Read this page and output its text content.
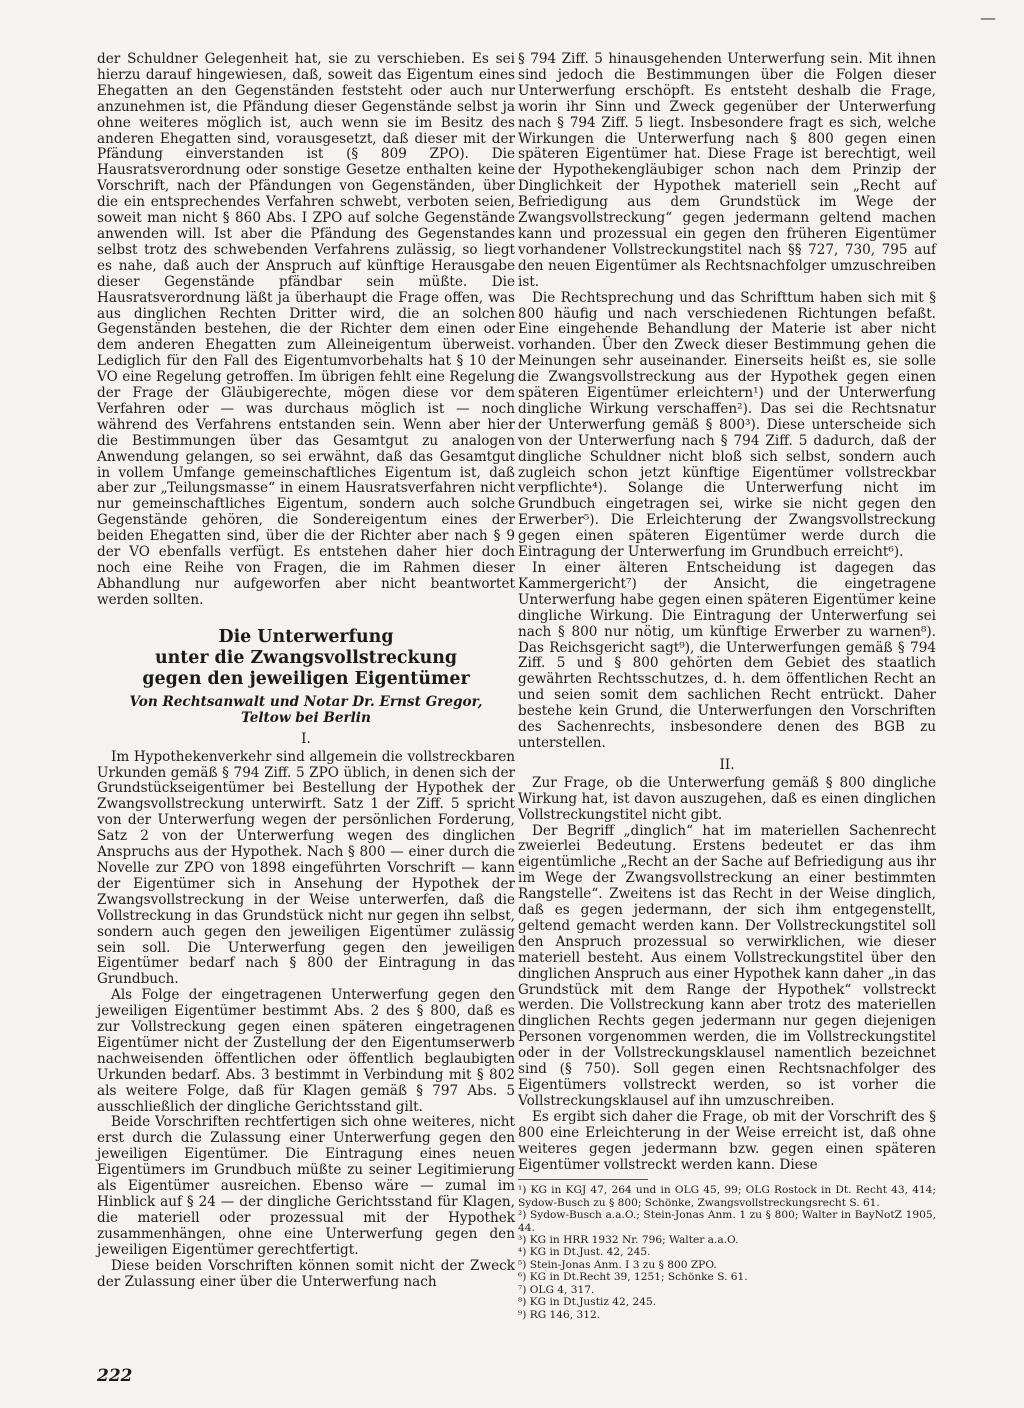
—

der Schuldner Gelegenheit hat, sie zu verschieben. Es sei hierzu darauf hingewiesen, daß, soweit das Eigentum eines Ehegatten an den Gegenständen feststeht oder auch nur anzunehmen ist, die Pfändung dieser Gegenstände selbst ja ohne weiteres möglich ist, auch wenn sie im Besitz des anderen Ehegatten sind, vorausgesetzt, daß dieser mit der Pfändung einverstanden ist (§ 809 ZPO). Die Hausratsverordnung oder sonstige Gesetze enthalten keine Vorschrift, nach der Pfändungen von Gegenständen, über die ein entsprechendes Verfahren schwebt, verboten seien, soweit man nicht § 860 Abs. I ZPO auf solche Gegenstände anwenden will. Ist aber die Pfändung des Gegenstandes selbst trotz des schwebenden Verfahrens zulässig, so liegt es nahe, daß auch der Anspruch auf künftige Herausgabe dieser Gegenstände pfändbar sein müßte. Die Hausratsverordnung läßt ja überhaupt die Frage offen, was aus dinglichen Rechten Dritter wird, die an solchen Gegenständen bestehen, die der Richter dem einen oder dem anderen Ehegatten zum Alleineigentum überweist. Lediglich für den Fall des Eigentumvorbehalts hat § 10 der VO eine Regelung getroffen. Im übrigen fehlt eine Regelung der Frage der Gläubigerechte, mögen diese vor dem Verfahren oder — was durchaus möglich ist — noch während des Verfahrens entstanden sein. Wenn aber hier die Bestimmungen über das Gesamtgut zu analogen Anwendung gelangen, so sei erwähnt, daß das Gesamtgut in vollem Umfange gemeinschaftliches Eigentum ist, daß aber zur „Teilungsmasse“ in einem Hausratsverfahren nicht nur gemeinschaftliches Eigentum, sondern auch solche Gegenstände gehören, die Sondereigentum eines der beiden Ehegatten sind, über die der Richter aber nach § 9 der VO ebenfalls verfügt. Es entstehen daher hier doch noch eine Reihe von Fragen, die im Rahmen dieser Abhandlung nur aufgeworfen aber nicht beantwortet werden sollten.

Die Unterwerfung
unter die Zwangsvollstreckung
gegen den jeweiligen Eigentümer
Von Rechtsanwalt und Notar Dr. Ernst Gregor,
Teltow bei Berlin
I.

Im Hypothekenverkehr sind allgemein die vollstreckbaren Urkunden gemäß § 794 Ziff. 5 ZPO üblich, in denen sich der Grundstückseigentümer bei Bestellung der Hypothek der Zwangsvollstreckung unterwirft. Satz 1 der Ziff. 5 spricht von der Unterwerfung wegen der persönlichen Forderung, Satz 2 von der Unterwerfung wegen des dinglichen Anspruchs aus der Hypothek. Nach § 800 — einer durch die Novelle zur ZPO von 1898 eingeführten Vorschrift — kann der Eigentümer sich in Ansehung der Hypothek der Zwangsvollstreckung in der Weise unterwerfen, daß die Vollstreckung in das Grundstück nicht nur gegen ihn selbst, sondern auch gegen den jeweiligen Eigentümer zulässig sein soll. Die Unterwerfung gegen den jeweiligen Eigentümer bedarf nach § 800 der Eintragung in das Grundbuch.

Als Folge der eingetragenen Unterwerfung gegen den jeweiligen Eigentümer bestimmt Abs. 2 des § 800, daß es zur Vollstreckung gegen einen späteren eingetragenen Eigentümer nicht der Zustellung der den Eigentumserwerb nachweisenden öffentlichen oder öffentlich beglaubigten Urkunden bedarf. Abs. 3 bestimmt in Verbindung mit § 802 als weitere Folge, daß für Klagen gemäß § 797 Abs. 5 ausschließlich der dingliche Gerichtsstand gilt.

Beide Vorschriften rechtfertigen sich ohne weiteres, nicht erst durch die Zulassung einer Unterwerfung gegen den jeweiligen Eigentümer. Die Eintragung eines neuen Eigentümers im Grundbuch müßte zu seiner Legitimierung als Eigentümer ausreichen. Ebenso wäre — zumal im Hinblick auf § 24 — der dingliche Gerichtsstand für Klagen, die materiell oder prozessual mit der Hypothek zusammenhängen, ohne eine Unterwerfung gegen den jeweiligen Eigentümer gerechtfertigt.

Diese beiden Vorschriften können somit nicht der Zweck der Zulassung einer über die Unterwerfung nach

§ 794 Ziff. 5 hinausgehenden Unterwerfung sein. Mit ihnen sind jedoch die Bestimmungen über die Folgen dieser Unterwerfung erschöpft. Es entsteht deshalb die Frage, worin ihr Sinn und Zweck gegenüber der Unterwerfung nach § 794 Ziff. 5 liegt. Insbesondere fragt es sich, welche Wirkungen die Unterwerfung nach § 800 gegen einen späteren Eigentümer hat. Diese Frage ist berechtigt, weil der Hypothekengläubiger schon nach dem Prinzip der Dinglichkeit der Hypothek materiell sein „Recht auf Befriedigung aus dem Grundstück im Wege der Zwangsvollstreckung“ gegen jedermann geltend machen kann und prozessual ein gegen den früheren Eigentümer vorhandener Vollstreckungstitel nach §§ 727, 730, 795 auf den neuen Eigentümer als Rechtsnachfolger umzuschreiben ist.

Die Rechtsprechung und das Schrifttum haben sich mit § 800 häufig und nach verschiedenen Richtungen befaßt. Eine eingehende Behandlung der Materie ist aber nicht vorhanden. Über den Zweck dieser Bestimmung gehen die Meinungen sehr auseinander. Einerseits heißt es, sie solle die Zwangsvollstreckung aus der Hypothek gegen einen späteren Eigentümer erleichtern¹) und der Unterwerfung dingliche Wirkung verschaffen²). Das sei die Rechtsnatur der Unterwerfung gemäß § 800³). Diese unterscheide sich von der Unterwerfung nach § 794 Ziff. 5 dadurch, daß der dingliche Schuldner nicht bloß sich selbst, sondern auch zugleich schon jetzt künftige Eigentümer vollstreckbar verpflichte⁴). Solange die Unterwerfung nicht im Grundbuch eingetragen sei, wirke sie nicht gegen den Erwerber⁵). Die Erleichterung der Zwangsvollstreckung gegen einen späteren Eigentümer werde durch die Eintragung der Unterwerfung im Grundbuch erreicht⁶).

In einer älteren Entscheidung ist dagegen das Kammergericht⁷) der Ansicht, die eingetragene Unterwerfung habe gegen einen späteren Eigentümer keine dingliche Wirkung. Die Eintragung der Unterwerfung sei nach § 800 nur nötig, um künftige Erwerber zu warnen⁸). Das Reichsgericht sagt⁹), die Unterwerfungen gemäß § 794 Ziff. 5 und § 800 gehörten dem Gebiet des staatlich gewährten Rechtsschutzes, d. h. dem öffentlichen Recht an und seien somit dem sachlichen Recht entrückt. Daher bestehe kein Grund, die Unterwerfungen den Vorschriften des Sachenrechts, insbesondere denen des BGB zu unterstellen.

II.

Zur Frage, ob die Unterwerfung gemäß § 800 dingliche Wirkung hat, ist davon auszugehen, daß es einen dinglichen Vollstreckungstitel nicht gibt.

Der Begriff „dinglich“ hat im materiellen Sachenrecht zweierlei Bedeutung. Erstens bedeutet er das ihm eigentümliche „Recht an der Sache auf Befriedigung aus ihr im Wege der Zwangsvollstreckung an einer bestimmten Rangstelle“. Zweitens ist das Recht in der Weise dinglich, daß es gegen jedermann, der sich ihm entgegenstellt, geltend gemacht werden kann. Der Vollstreckungstitel soll den Anspruch prozessual so verwirklichen, wie dieser materiell besteht. Aus einem Vollstreckungstitel über den dinglichen Anspruch aus einer Hypothek kann daher „in das Grundstück mit dem Range der Hypothek“ vollstreckt werden. Die Vollstreckung kann aber trotz des materiellen dinglichen Rechts gegen jedermann nur gegen diejenigen Personen vorgenommen werden, die im Vollstreckungstitel oder in der Vollstreckungsklausel namentlich bezeichnet sind (§ 750). Soll gegen einen Rechtsnachfolger des Eigentümers vollstreckt werden, so ist vorher die Vollstreckungsklausel auf ihn umzuschreiben.

Es ergibt sich daher die Frage, ob mit der Vorschrift des § 800 eine Erleichterung in der Weise erreicht ist, daß ohne weiteres gegen jedermann bzw. gegen einen späteren Eigentümer vollstreckt werden kann. Diese

¹) KG in KGJ 47, 264 und in OLG 45, 99; OLG Rostock in Dt. Recht 43, 414; Sydow-Busch zu § 800; Schönke, Zwangsvollstreckungsrecht S. 61.

²) Sydow-Busch a.a.O.; Stein-Jonas Anm. 1 zu § 800; Walter in BayNotZ 1905, 44.

³) KG in HRR 1932 Nr. 796; Walter a.a.O.

⁴) KG in Dt.Just. 42, 245.

⁵) Stein-Jonas Anm. I 3 zu § 800 ZPO.

⁶) KG in Dt.Recht 39, 1251; Schönke S. 61.

⁷) OLG 4, 317.

⁸) KG in Dt.Justiz 42, 245.

⁹) RG 146, 312.

222
